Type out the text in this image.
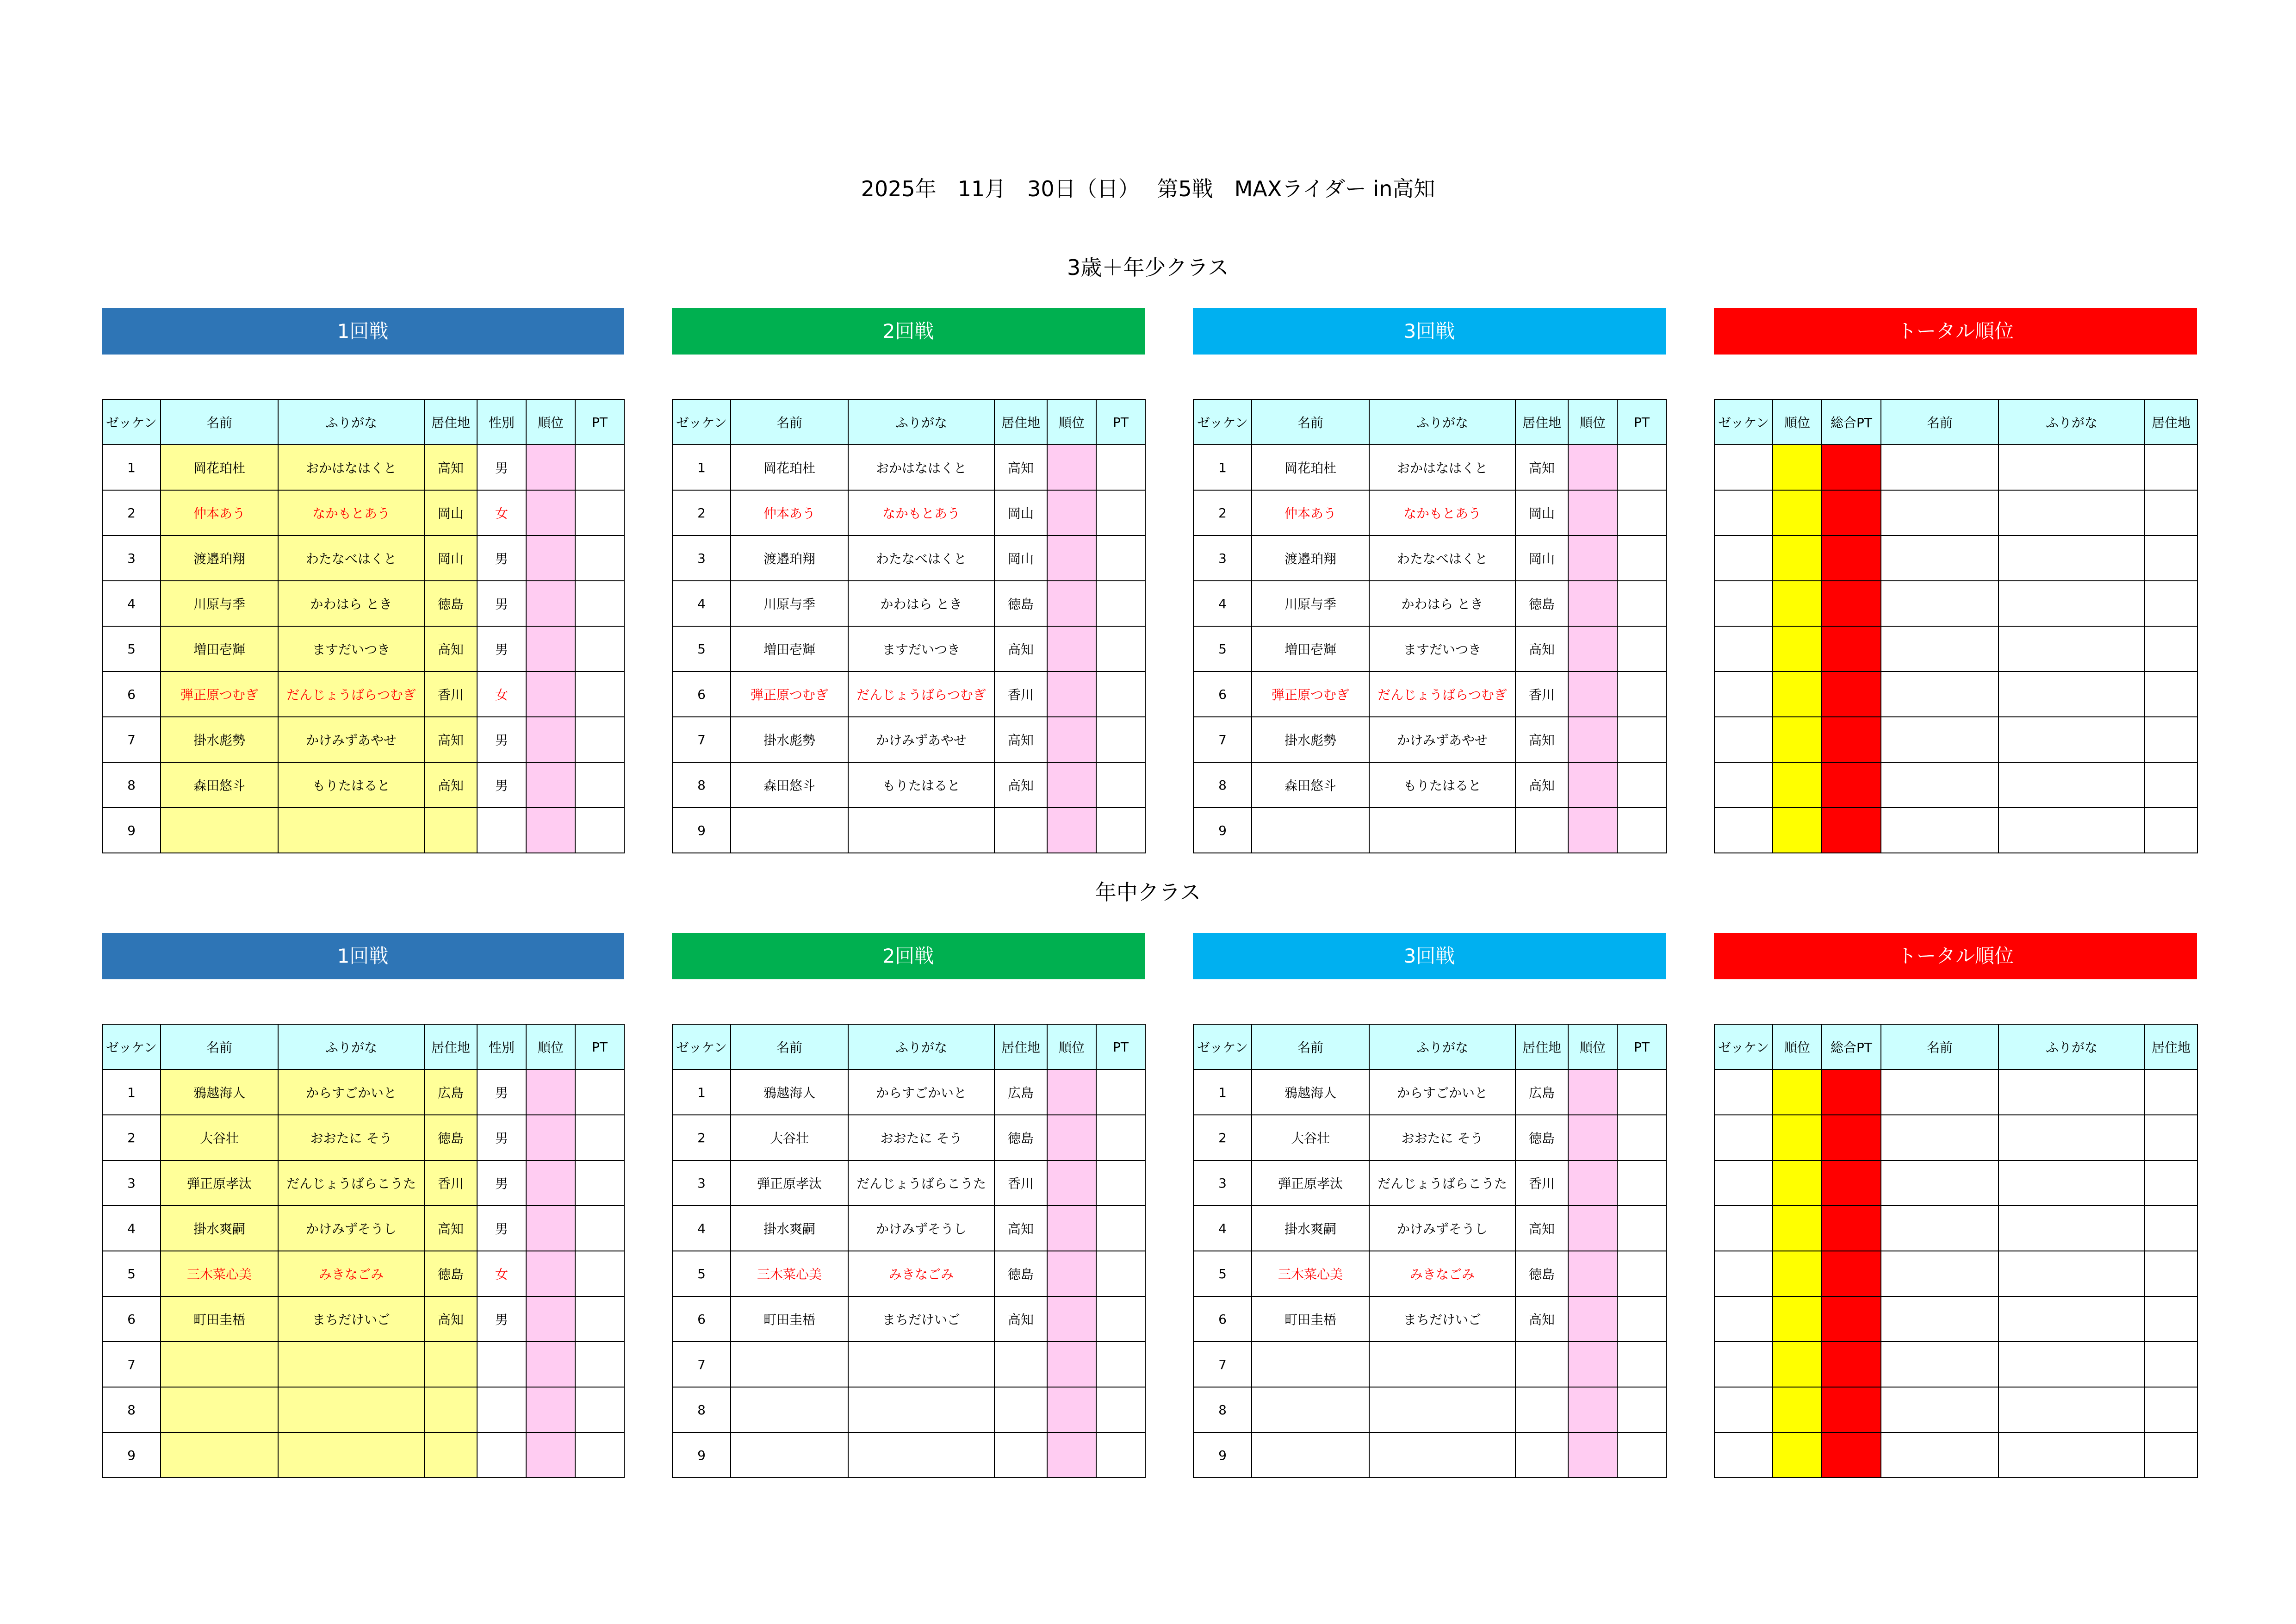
2025年　11月　30日（日）　 第5戦　MAXライダー in高知
3歳＋年少クラス
1回戦
ゼッケン	名前	ふりがな	居住地	性別	順位	PT
1	岡花珀杜	おかはなはくと	高知	男		
2	仲本あう	なかもとあう	岡山	女		
3	渡邉珀翔	わたなべはくと	岡山	男		
4	川原与季	かわはら とき	徳島	男		
5	増田壱輝	ますだいつき	高知	男		
6	弾正原つむぎ	だんじょうばらつむぎ	香川	女		
7	掛水彪勢	かけみずあやせ	高知	男		
8	森田悠斗	もりたはると	高知	男		
9						
2回戦
ゼッケン	名前	ふりがな	居住地	順位	PT
1	岡花珀杜	おかはなはくと	高知		
2	仲本あう	なかもとあう	岡山		
3	渡邉珀翔	わたなべはくと	岡山		
4	川原与季	かわはら とき	徳島		
5	増田壱輝	ますだいつき	高知		
6	弾正原つむぎ	だんじょうばらつむぎ	香川		
7	掛水彪勢	かけみずあやせ	高知		
8	森田悠斗	もりたはると	高知		
9					
3回戦
ゼッケン	名前	ふりがな	居住地	順位	PT
1	岡花珀杜	おかはなはくと	高知		
2	仲本あう	なかもとあう	岡山		
3	渡邉珀翔	わたなべはくと	岡山		
4	川原与季	かわはら とき	徳島		
5	増田壱輝	ますだいつき	高知		
6	弾正原つむぎ	だんじょうばらつむぎ	香川		
7	掛水彪勢	かけみずあやせ	高知		
8	森田悠斗	もりたはると	高知		
9					
トータル順位
ゼッケン	順位	総合PT	名前	ふりがな	居住地

年中クラス
1回戦
ゼッケン	名前	ふりがな	居住地	性別	順位	PT
1	鴉越海人	からすごかいと	広島	男		
2	大谷壮	おおたに そう	徳島	男		
3	弾正原孝汰	だんじょうばらこうた	香川	男		
4	掛水爽嗣	かけみずそうし	高知	男		
5	三木菜心美	みきなごみ	徳島	女		
6	町田圭梧	まちだけいご	高知	男		
7						
8						
9						
2回戦
ゼッケン	名前	ふりがな	居住地	順位	PT
1	鴉越海人	からすごかいと	広島		
2	大谷壮	おおたに そう	徳島		
3	弾正原孝汰	だんじょうばらこうた	香川		
4	掛水爽嗣	かけみずそうし	高知		
5	三木菜心美	みきなごみ	徳島		
6	町田圭梧	まちだけいご	高知		
7					
8					
9					
3回戦
ゼッケン	名前	ふりがな	居住地	順位	PT
1	鴉越海人	からすごかいと	広島		
2	大谷壮	おおたに そう	徳島		
3	弾正原孝汰	だんじょうばらこうた	香川		
4	掛水爽嗣	かけみずそうし	高知		
5	三木菜心美	みきなごみ	徳島		
6	町田圭梧	まちだけいご	高知		
7					
8					
9					
トータル順位
ゼッケン	順位	総合PT	名前	ふりがな	居住地
